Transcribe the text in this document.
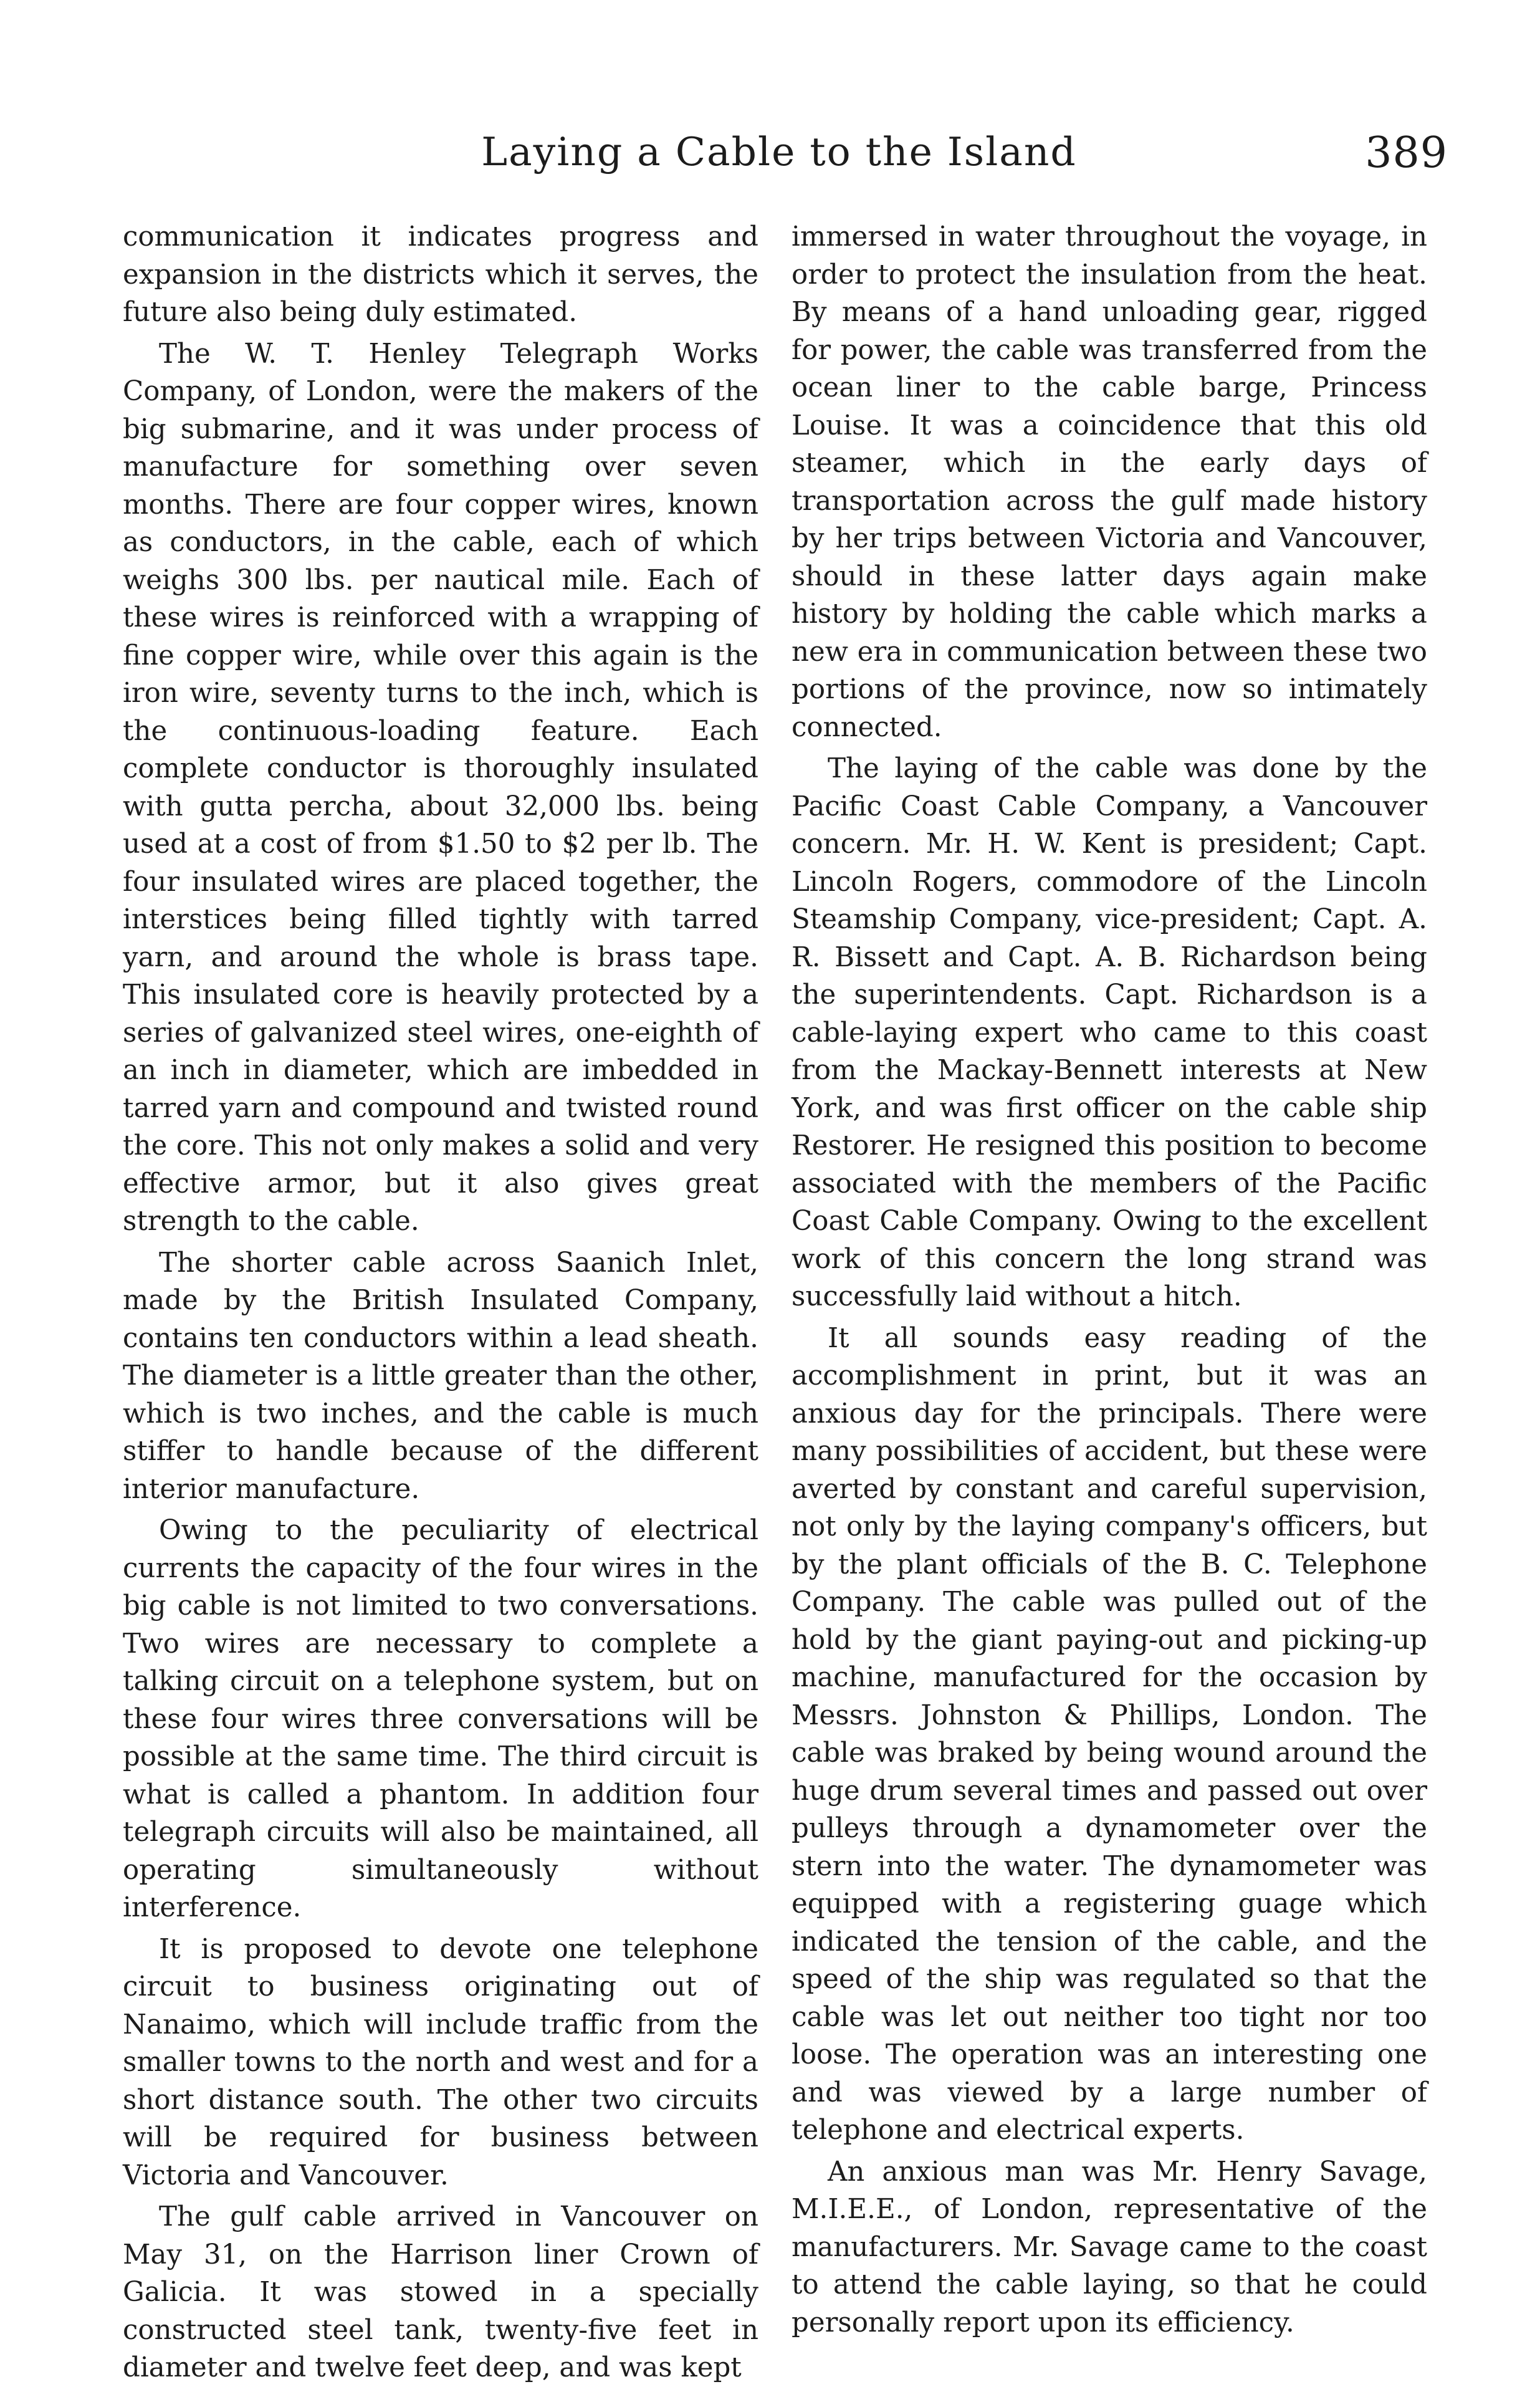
Laying a Cable to the Island	389

communication it indicates progress and expansion in the districts which it serves, the future also being duly estimated.

The W. T. Henley Telegraph Works Company, of London, were the makers of the big submarine, and it was under process of manufacture for something over seven months. There are four copper wires, known as conductors, in the cable, each of which weighs 300 lbs. per nautical mile. Each of these wires is reinforced with a wrapping of fine copper wire, while over this again is the iron wire, seventy turns to the inch, which is the continuous-loading feature. Each complete conductor is thoroughly insulated with gutta percha, about 32,000 lbs. being used at a cost of from $1.50 to $2 per lb. The four insulated wires are placed together, the interstices being filled tightly with tarred yarn, and around the whole is brass tape. This insulated core is heavily protected by a series of galvanized steel wires, one-eighth of an inch in diameter, which are imbedded in tarred yarn and compound and twisted round the core. This not only makes a solid and very effective armor, but it also gives great strength to the cable.

The shorter cable across Saanich Inlet, made by the British Insulated Company, contains ten conductors within a lead sheath. The diameter is a little greater than the other, which is two inches, and the cable is much stiffer to handle because of the different interior manufacture.

Owing to the peculiarity of electrical currents the capacity of the four wires in the big cable is not limited to two conversations. Two wires are necessary to complete a talking circuit on a telephone system, but on these four wires three conversations will be possible at the same time. The third circuit is what is called a phantom. In addition four telegraph circuits will also be maintained, all operating simultaneously without interference.

It is proposed to devote one telephone circuit to business originating out of Nanaimo, which will include traffic from the smaller towns to the north and west and for a short distance south. The other two circuits will be required for business between Victoria and Vancouver.

The gulf cable arrived in Vancouver on May 31, on the Harrison liner Crown of Galicia. It was stowed in a specially constructed steel tank, twenty-five feet in diameter and twelve feet deep, and was kept

immersed in water throughout the voyage, in order to protect the insulation from the heat. By means of a hand unloading gear, rigged for power, the cable was transferred from the ocean liner to the cable barge, Princess Louise. It was a coincidence that this old steamer, which in the early days of transportation across the gulf made history by her trips between Victoria and Vancouver, should in these latter days again make history by holding the cable which marks a new era in communication between these two portions of the province, now so intimately connected.

The laying of the cable was done by the Pacific Coast Cable Company, a Vancouver concern. Mr. H. W. Kent is president; Capt. Lincoln Rogers, commodore of the Lincoln Steamship Company, vice-president; Capt. A. R. Bissett and Capt. A. B. Richardson being the superintendents. Capt. Richardson is a cable-laying expert who came to this coast from the Mackay-Bennett interests at New York, and was first officer on the cable ship Restorer. He resigned this position to become associated with the members of the Pacific Coast Cable Company. Owing to the excellent work of this concern the long strand was successfully laid without a hitch.

It all sounds easy reading of the accomplishment in print, but it was an anxious day for the principals. There were many possibilities of accident, but these were averted by constant and careful supervision, not only by the laying company's officers, but by the plant officials of the B. C. Telephone Company. The cable was pulled out of the hold by the giant paying-out and picking-up machine, manufactured for the occasion by Messrs. Johnston & Phillips, London. The cable was braked by being wound around the huge drum several times and passed out over pulleys through a dynamometer over the stern into the water. The dynamometer was equipped with a registering guage which indicated the tension of the cable, and the speed of the ship was regulated so that the cable was let out neither too tight nor too loose. The operation was an interesting one and was viewed by a large number of telephone and electrical experts.

An anxious man was Mr. Henry Savage, M.I.E.E., of London, representative of the manufacturers. Mr. Savage came to the coast to attend the cable laying, so that he could personally report upon its efficiency.
